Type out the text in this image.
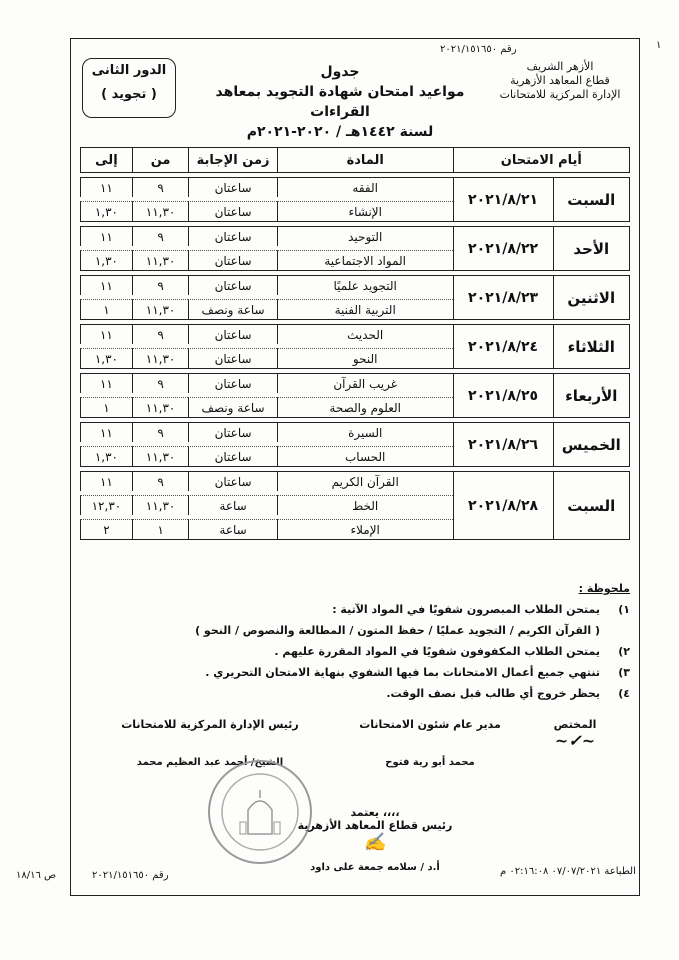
رقم ٢٠٢١/١٥١٦٥٠	١
الأزهر الشريف
قطاع المعاهد الأزهرية
الإدارة المركزية للامتحانات
جدول
مواعيد امتحان شهادة التجويد بمعاهد القراءات
لسنة ١٤٤٢هـ / ٢٠٢٠-٢٠٢١م
الدور الثانى
( تجويد )
أيام الامتحان		المادة	زمن الإجابة	من	إلى
السبت	٢٠٢١/٨/٢١	الفقه	ساعتان	٩	١١
		الإنشاء	ساعتان	١١,٣٠	١,٣٠
الأحد	٢٠٢١/٨/٢٢	التوحيد	ساعتان	٩	١١
		المواد الاجتماعية	ساعتان	١١,٣٠	١,٣٠
الاثنين	٢٠٢١/٨/٢٣	التجويد علميًا	ساعتان	٩	١١
		التربية الفنية	ساعة ونصف	١١,٣٠	١
الثلاثاء	٢٠٢١/٨/٢٤	الحديث	ساعتان	٩	١١
		النحو	ساعتان	١١,٣٠	١,٣٠
الأربعاء	٢٠٢١/٨/٢٥	غريب القرآن	ساعتان	٩	١١
		العلوم والصحة	ساعة ونصف	١١,٣٠	١
الخميس	٢٠٢١/٨/٢٦	السيرة	ساعتان	٩	١١
		الحساب	ساعتان	١١,٣٠	١,٣٠
السبت	٢٠٢١/٨/٢٨	القرآن الكريم	ساعتان	٩	١١
		الخط	ساعة	١١,٣٠	١٢,٣٠
		الإملاء	ساعة	١	٢
ملحوظة :
١)
يمتحن الطلاب المبصرون شفويًا في المواد الآتية :
( القرآن الكريم / التجويد عمليًا / حفظ المتون / المطالعة والنصوص / النحو )
٢)
يمتحن الطلاب المكفوفون شفويًا في المواد المقررة عليهم .
٣)
تنتهي جميع أعمال الامتحانات بما فيها الشفوي بنهاية الامتحان التحريري .
٤)
يحظر خروج أي طالب قبل نصف الوقت.
المختص
~✓~
مدير عام شئون الامتحانات
محمد أبو رية فتوح
رئيس الإدارة المركزية للامتحانات
الشيخ/ أحمد عبد العظيم محمد
يعتمد ،،،،
رئيس قطاع المعاهد الأزهرية
✍
أ.د / سلامه جمعة على داود	الطباعة ٠٧/٠٧/٢٠٢١ ٠٢:١٦:٠٨ م
رقم ٢٠٢١/١٥١٦٥٠
ص ١٨/١٦
